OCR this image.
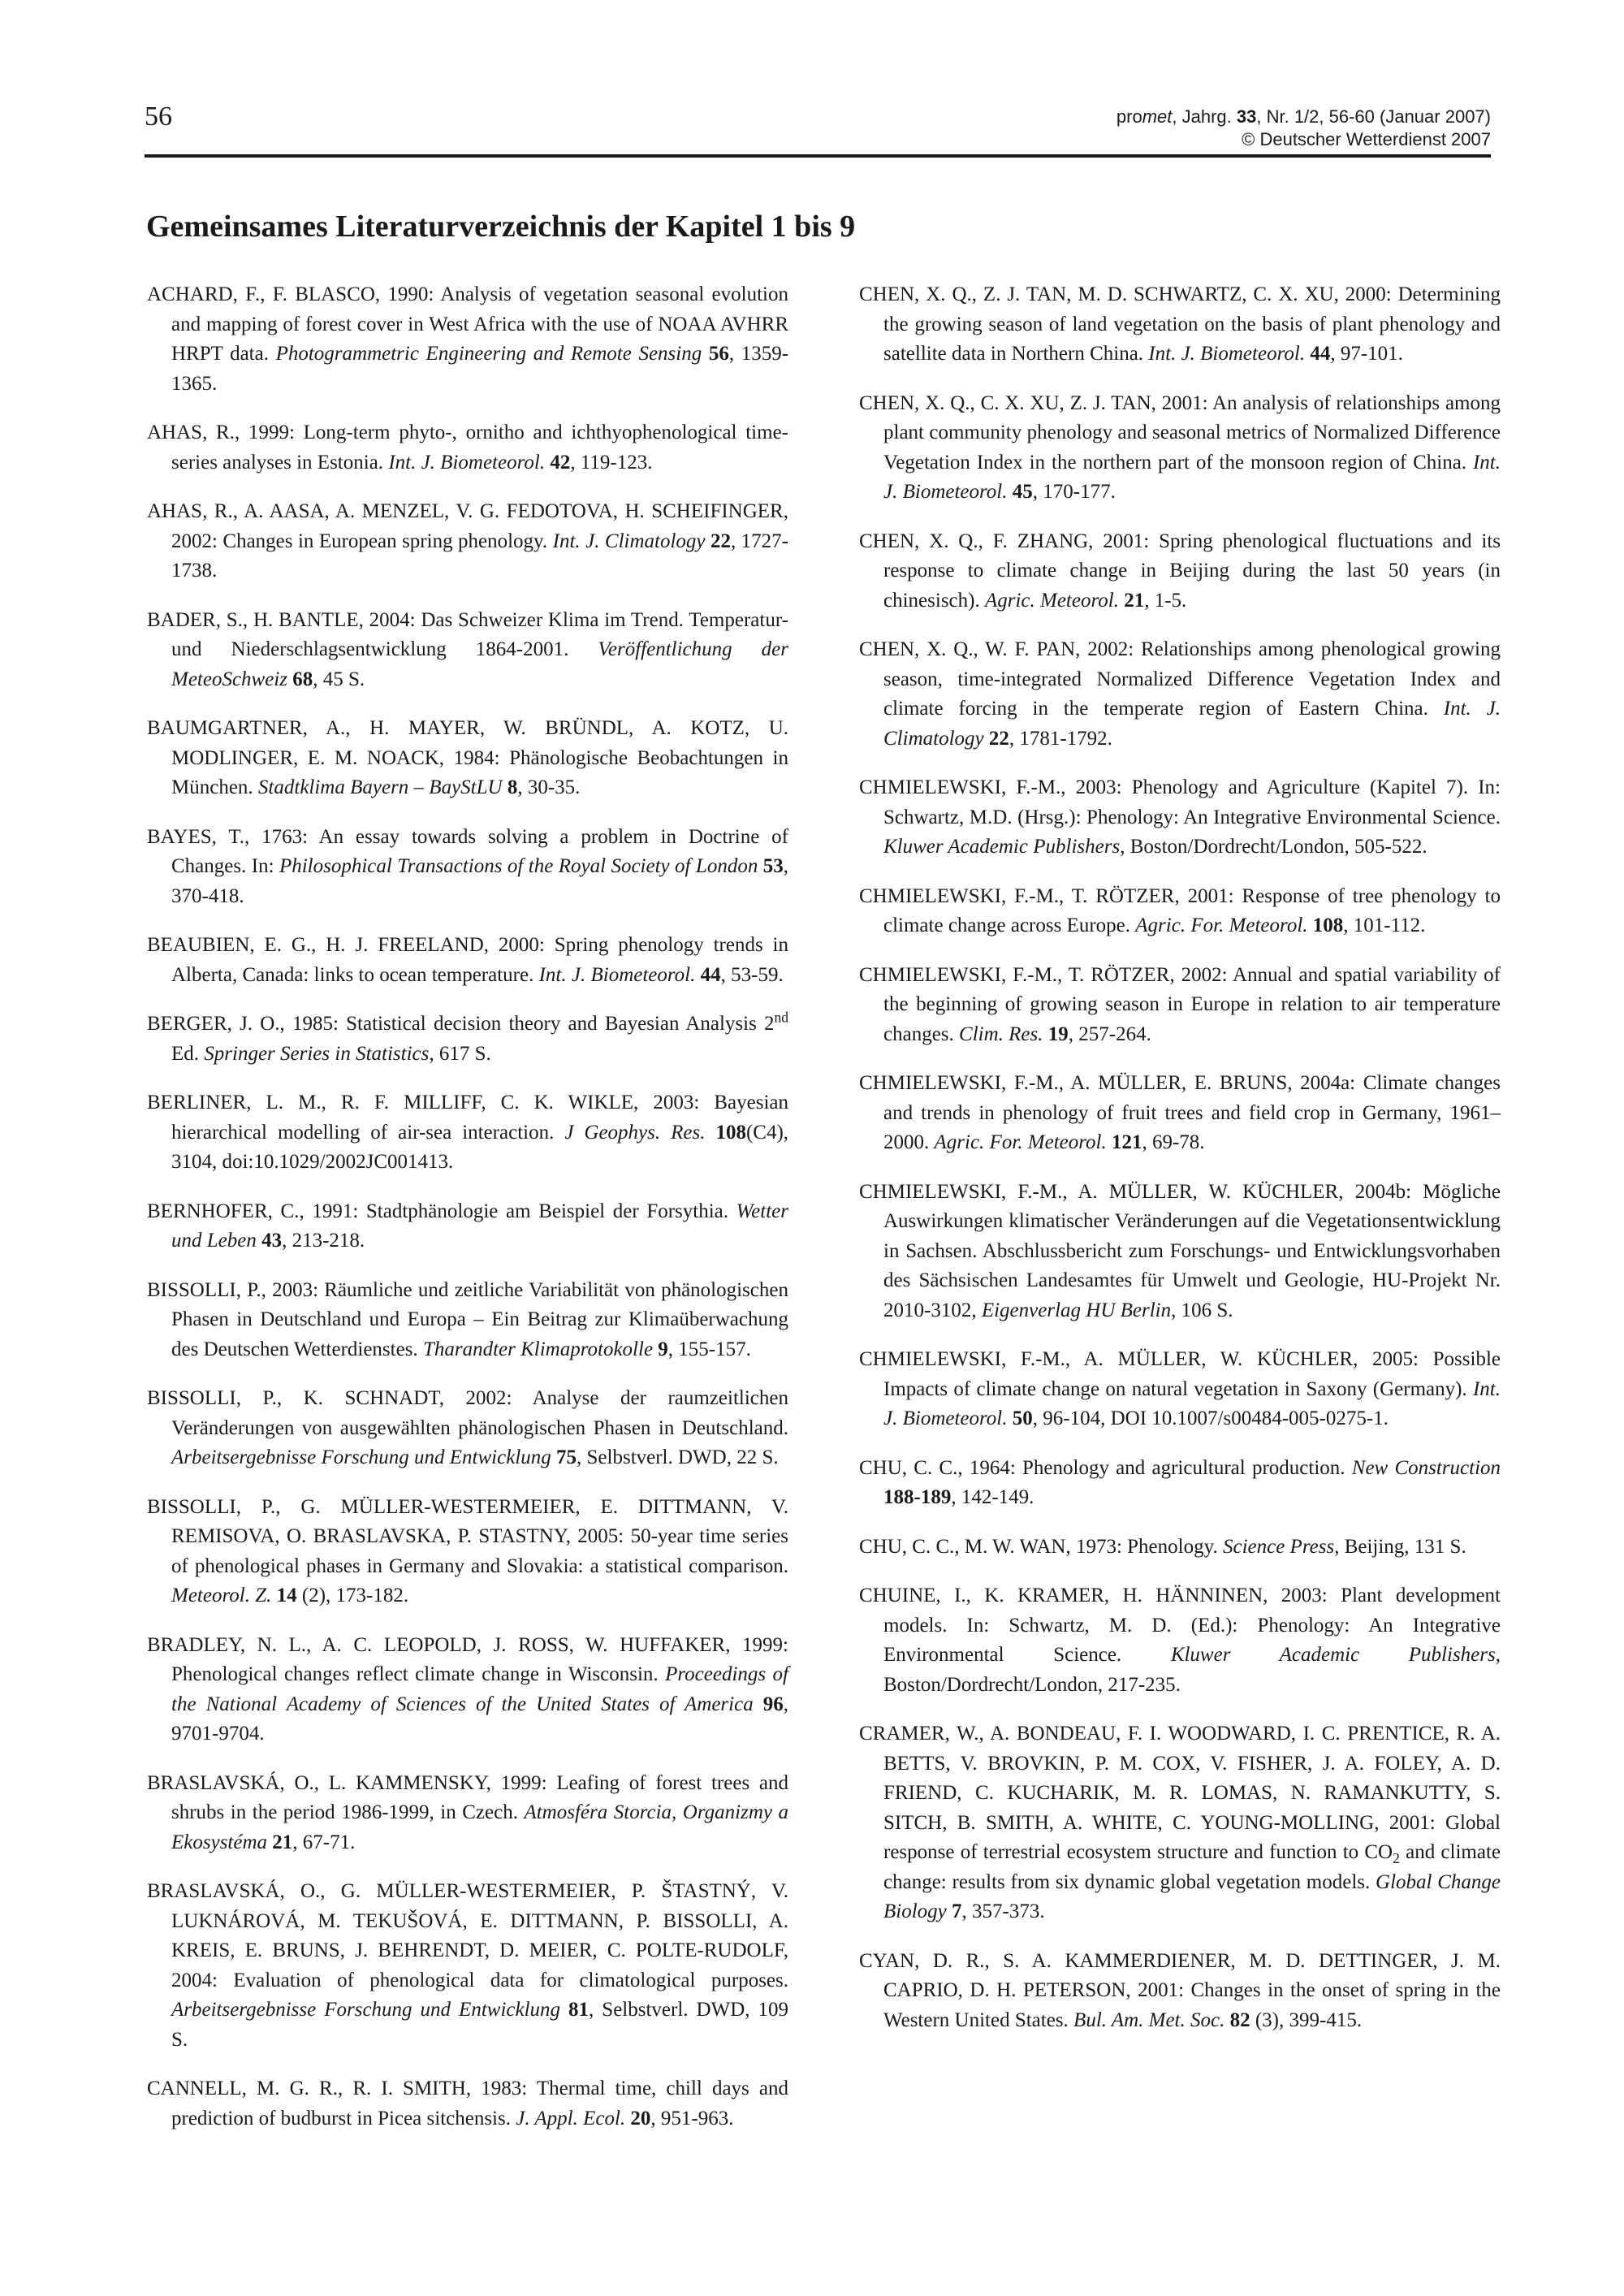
56	promet, Jahrg. 33, Nr. 1/2, 56-60 (Januar 2007)
© Deutscher Wetterdienst 2007
Gemeinsames Literaturverzeichnis der Kapitel 1 bis 9

ACHARD, F., F. BLASCO, 1990: Analysis of vegetation seasonal evolution and mapping of forest cover in West Africa with the use of NOAA AVHRR HRPT data. Photogrammetric Engineering and Remote Sensing 56, 1359-1365.

AHAS, R., 1999: Long-term phyto-, ornitho and ichthyophenological time-series analyses in Estonia. Int. J. Biometeorol. 42, 119-123.

AHAS, R., A. AASA, A. MENZEL, V. G. FEDOTOVA, H. SCHEIFINGER, 2002: Changes in European spring phenology. Int. J. Climatology 22, 1727-1738.

BADER, S., H. BANTLE, 2004: Das Schweizer Klima im Trend. Temperatur- und Niederschlagsentwicklung 1864-2001. Veröffentlichung der MeteoSchweiz 68, 45 S.

BAUMGARTNER, A., H. MAYER, W. BRÜNDL, A. KOTZ, U. MODLINGER, E. M. NOACK, 1984: Phänologische Beobachtungen in München. Stadtklima Bayern – BayStLU 8, 30-35.

BAYES, T., 1763: An essay towards solving a problem in Doctrine of Changes. In: Philosophical Transactions of the Royal Society of London 53, 370-418.

BEAUBIEN, E. G., H. J. FREELAND, 2000: Spring phenology trends in Alberta, Canada: links to ocean temperature. Int. J. Biometeorol. 44, 53-59.

BERGER, J. O., 1985: Statistical decision theory and Bayesian Analysis 2nd Ed. Springer Series in Statistics, 617 S.

BERLINER, L. M., R. F. MILLIFF, C. K. WIKLE, 2003: Bayesian hierarchical modelling of air-sea interaction. J Geophys. Res. 108(C4), 3104, doi:10.1029/2002JC001413.

BERNHOFER, C., 1991: Stadtphänologie am Beispiel der Forsythia. Wetter und Leben 43, 213-218.

BISSOLLI, P., 2003: Räumliche und zeitliche Variabilität von phänologischen Phasen in Deutschland und Europa – Ein Beitrag zur Klimaüberwachung des Deutschen Wetterdienstes. Tharandter Klimaprotokolle 9, 155-157.

BISSOLLI, P., K. SCHNADT, 2002: Analyse der raumzeitlichen Veränderungen von ausgewählten phänologischen Phasen in Deutschland. Arbeitsergebnisse Forschung und Entwicklung 75, Selbstverl. DWD, 22 S.

BISSOLLI, P., G. MÜLLER-WESTERMEIER, E. DITTMANN, V. REMISOVA, O. BRASLAVSKA, P. STASTNY, 2005: 50-year time series of phenological phases in Germany and Slovakia: a statistical comparison. Meteorol. Z. 14 (2), 173-182.

BRADLEY, N. L., A. C. LEOPOLD, J. ROSS, W. HUFFAKER, 1999: Phenological changes reflect climate change in Wisconsin. Proceedings of the National Academy of Sciences of the United States of America 96, 9701-9704.

BRASLAVSKÁ, O., L. KAMMENSKY, 1999: Leafing of forest trees and shrubs in the period 1986-1999, in Czech. Atmosféra Storcia, Organizmy a Ekosystéma 21, 67-71.

BRASLAVSKÁ, O., G. MÜLLER-WESTERMEIER, P. ŠTASTNÝ, V. LUKNÁROVÁ, M. TEKUŠOVÁ, E. DITTMANN, P. BISSOLLI, A. KREIS, E. BRUNS, J. BEHRENDT, D. MEIER, C. POLTE-RUDOLF, 2004: Evaluation of phenological data for climatological purposes. Arbeitsergebnisse Forschung und Entwicklung 81, Selbstverl. DWD, 109 S.

CANNELL, M. G. R., R. I. SMITH, 1983: Thermal time, chill days and prediction of budburst in Picea sitchensis. J. Appl. Ecol. 20, 951-963.

CHEN, X. Q., Z. J. TAN, M. D. SCHWARTZ, C. X. XU, 2000: Determining the growing season of land vegetation on the basis of plant phenology and satellite data in Northern China. Int. J. Biometeorol. 44, 97-101.

CHEN, X. Q., C. X. XU, Z. J. TAN, 2001: An analysis of relationships among plant community phenology and seasonal metrics of Normalized Difference Vegetation Index in the northern part of the monsoon region of China. Int. J. Biometeorol. 45, 170-177.

CHEN, X. Q., F. ZHANG, 2001: Spring phenological fluctuations and its response to climate change in Beijing during the last 50 years (in chinesisch). Agric. Meteorol. 21, 1-5.

CHEN, X. Q., W. F. PAN, 2002: Relationships among phenological growing season, time-integrated Normalized Difference Vegetation Index and climate forcing in the temperate region of Eastern China. Int. J. Climatology 22, 1781-1792.

CHMIELEWSKI, F.-M., 2003: Phenology and Agriculture (Kapitel 7). In: Schwartz, M.D. (Hrsg.): Phenology: An Integrative Environmental Science. Kluwer Academic Publishers, Boston/Dordrecht/London, 505-522.

CHMIELEWSKI, F.-M., T. RÖTZER, 2001: Response of tree phenology to climate change across Europe. Agric. For. Meteorol. 108, 101-112.

CHMIELEWSKI, F.-M., T. RÖTZER, 2002: Annual and spatial variability of the beginning of growing season in Europe in relation to air temperature changes. Clim. Res. 19, 257-264.

CHMIELEWSKI, F.-M., A. MÜLLER, E. BRUNS, 2004a: Climate changes and trends in phenology of fruit trees and field crop in Germany, 1961–2000. Agric. For. Meteorol. 121, 69-78.

CHMIELEWSKI, F.-M., A. MÜLLER, W. KÜCHLER, 2004b: Mögliche Auswirkungen klimatischer Veränderungen auf die Vegetationsentwicklung in Sachsen. Abschlussbericht zum Forschungs- und Entwicklungsvorhaben des Sächsischen Landesamtes für Umwelt und Geologie, HU-Projekt Nr. 2010-3102, Eigenverlag HU Berlin, 106 S.

CHMIELEWSKI, F.-M., A. MÜLLER, W. KÜCHLER, 2005: Possible Impacts of climate change on natural vegetation in Saxony (Germany). Int. J. Biometeorol. 50, 96-104, DOI 10.1007/s00484-005-0275-1.

CHU, C. C., 1964: Phenology and agricultural production. New Construction 188-189, 142-149.

CHU, C. C., M. W. WAN, 1973: Phenology. Science Press, Beijing, 131 S.

CHUINE, I., K. KRAMER, H. HÄNNINEN, 2003: Plant development models. In: Schwartz, M. D. (Ed.): Phenology: An Integrative Environmental Science. Kluwer Academic Publishers, Boston/Dordrecht/London, 217-235.

CRAMER, W., A. BONDEAU, F. I. WOODWARD, I. C. PRENTICE, R. A. BETTS, V. BROVKIN, P. M. COX, V. FISHER, J. A. FOLEY, A. D. FRIEND, C. KUCHARIK, M. R. LOMAS, N. RAMANKUTTY, S. SITCH, B. SMITH, A. WHITE, C. YOUNG-MOLLING, 2001: Global response of terrestrial ecosystem structure and function to $CO_2$ and climate change: results from six dynamic global vegetation models. Global Change Biology 7, 357-373.

CYAN, D. R., S. A. KAMMERDIENER, M. D. DETTINGER, J. M. CAPRIO, D. H. PETERSON, 2001: Changes in the onset of spring in the Western United States. Bul. Am. Met. Soc. 82 (3), 399-415.
